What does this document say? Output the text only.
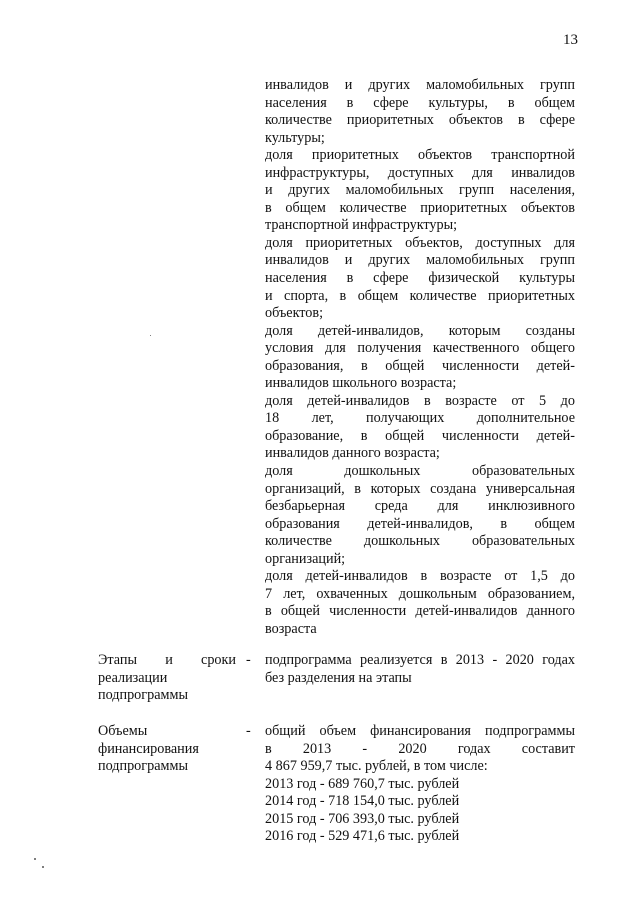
13
инвалидов и других маломобильных групп
населения в сфере культуры, в общем
количестве приоритетных объектов в сфере
культуры;
доля приоритетных объектов транспортной
инфраструктуры, доступных для инвалидов
и других маломобильных групп населения,
в общем количестве приоритетных объектов
транспортной инфраструктуры;
доля приоритетных объектов, доступных для
инвалидов и других маломобильных групп
населения в сфере физической культуры
и спорта, в общем количестве приоритетных
объектов;
доля детей-инвалидов, которым созданы
условия для получения качественного общего
образования, в общей численности детей-
инвалидов школьного возраста;
доля детей-инвалидов в возрасте от 5 до
18 лет, получающих дополнительное
образование, в общей численности детей-
инвалидов данного возраста;
доля дошкольных образовательных
организаций, в которых создана универсальная
безбарьерная среда для инклюзивного
образования детей-инвалидов, в общем
количестве дошкольных образовательных
организаций;
доля детей-инвалидов в возрасте от 1,5 до
7 лет, охваченных дошкольным образованием,
в общей численности детей-инвалидов данного
возраста
Этапы и сроки
реализации
подпрограммы
- подпрограмма реализуется в 2013 - 2020 годах
без разделения на этапы
Объемы
финансирования
подпрограммы
- общий объем финансирования подпрограммы
в 2013 - 2020 годах составит
4 867 959,7 тыс. рублей, в том числе:
2013 год - 689 760,7 тыс. рублей
2014 год - 718 154,0 тыс. рублей
2015 год - 706 393,0 тыс. рублей
2016 год - 529 471,6 тыс. рублей
